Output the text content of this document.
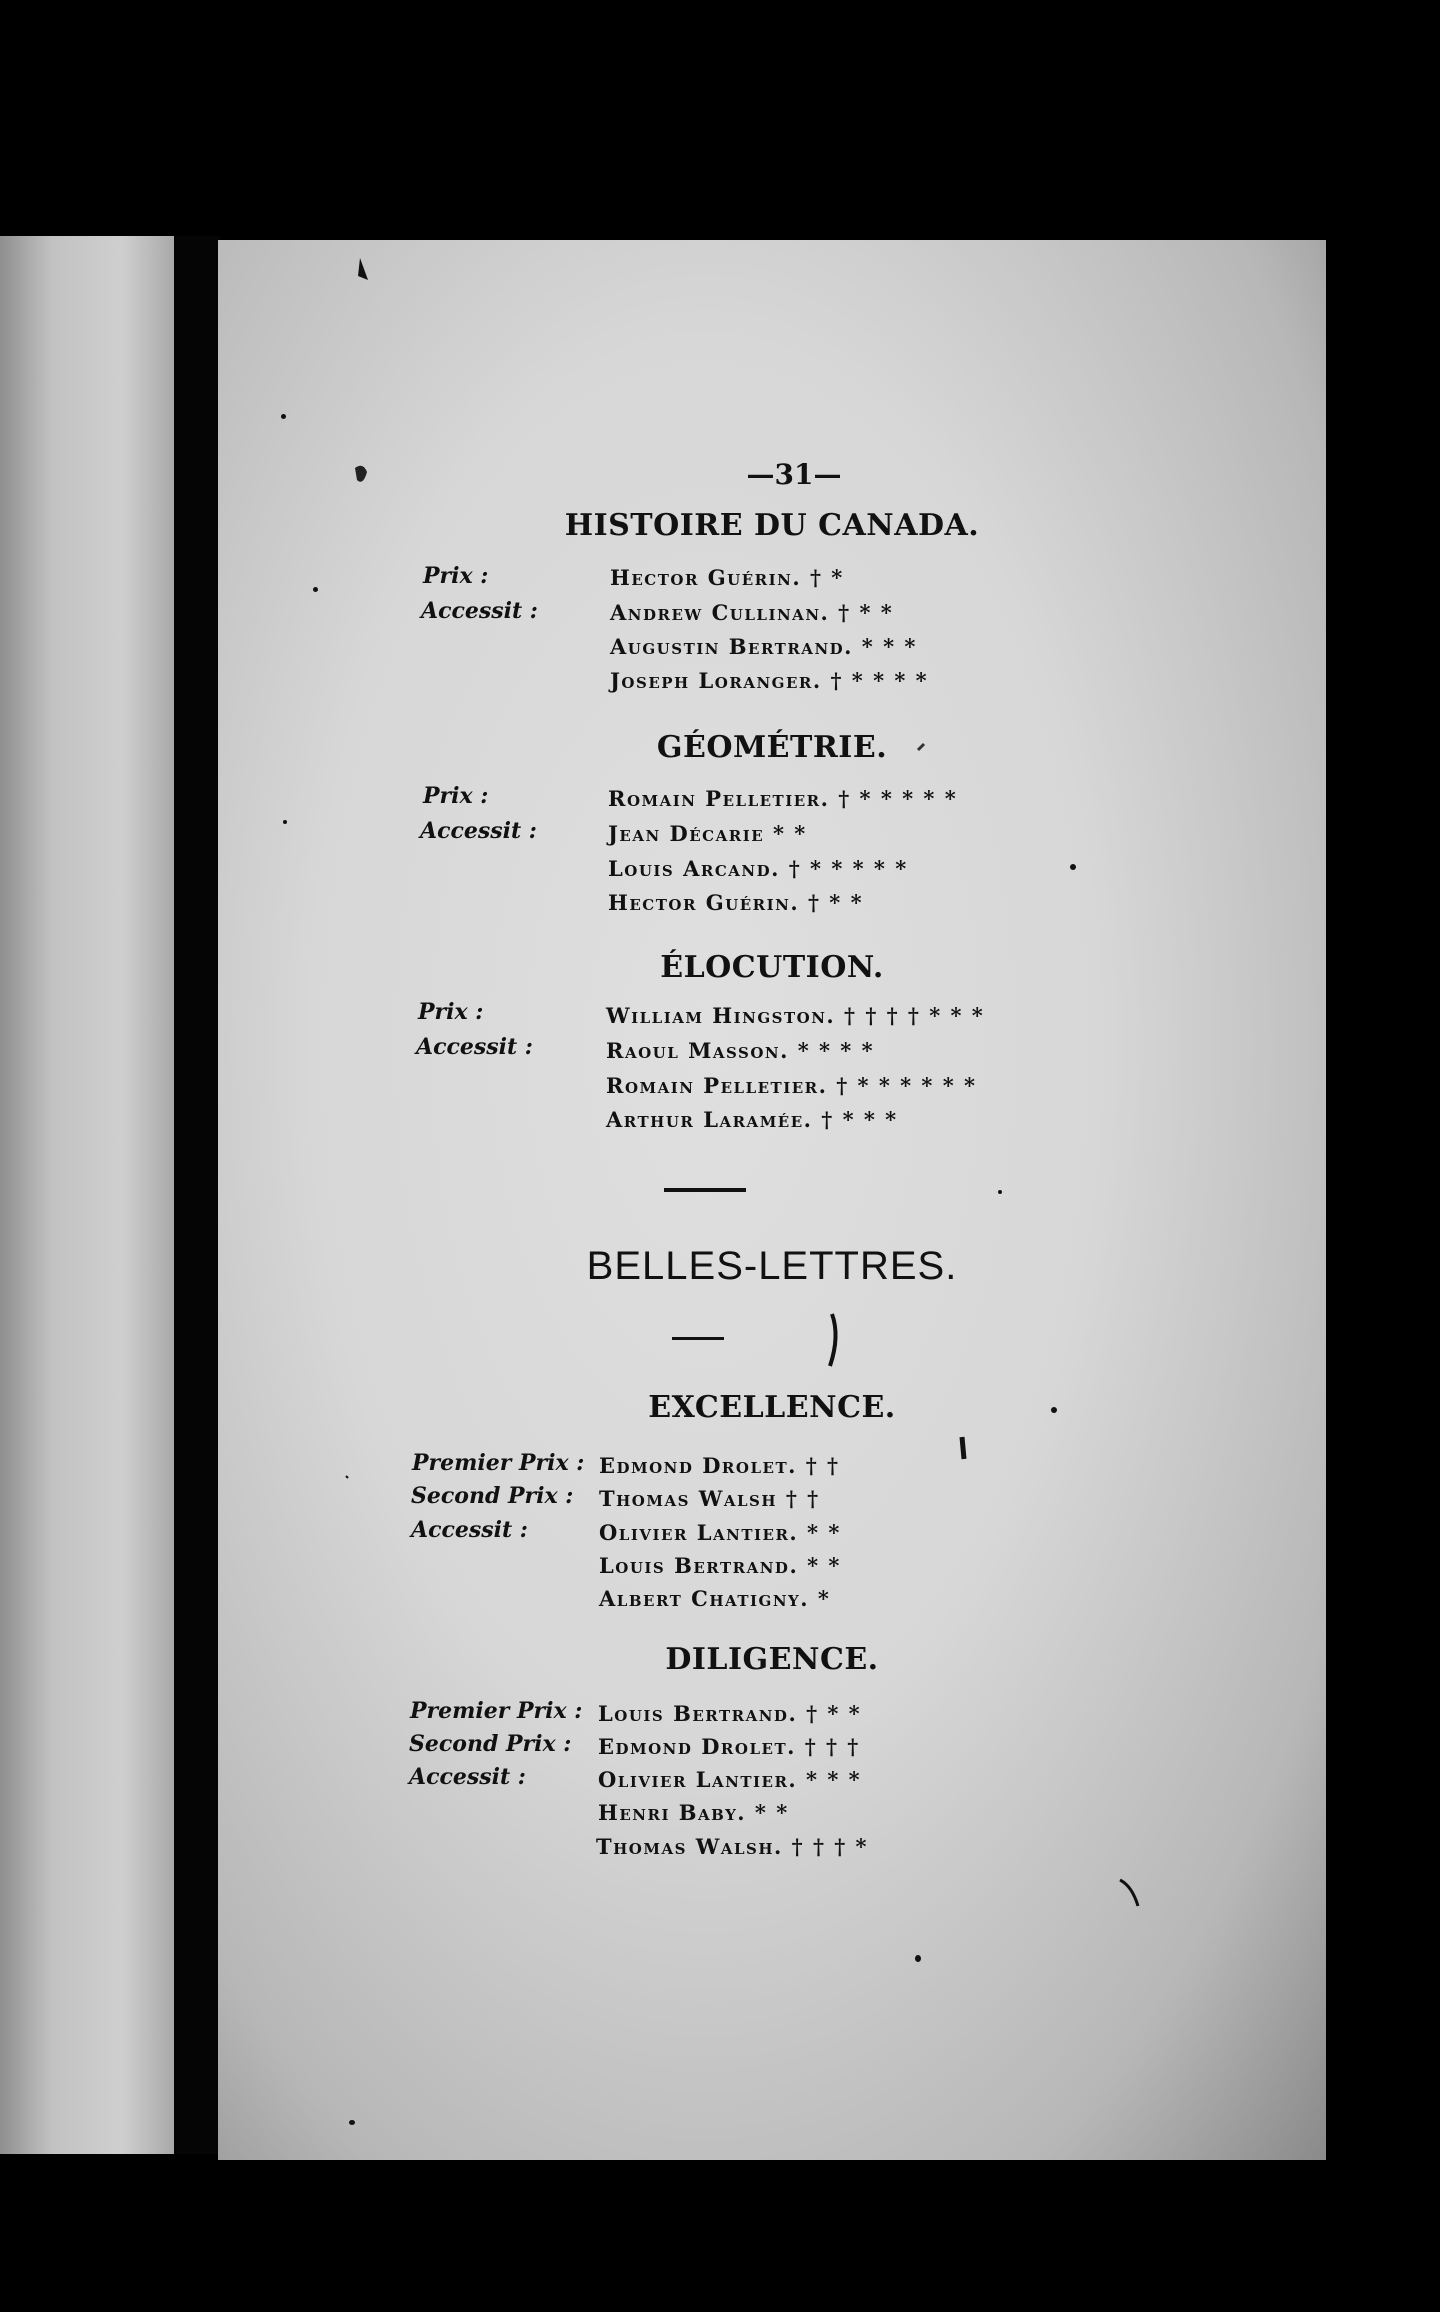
—31—
HISTOIRE DU CANADA.
Prix :	Hector Guérin. † *
Accessit :	Andrew Cullinan. † * *
Augustin Bertrand. * * *
Joseph Loranger. † * * * *
GÉOMÉTRIE.
Prix :	Romain Pelletier. † * * * * *
Accessit :	Jean Décarie * *
Louis Arcand. † * * * * *
Hector Guérin. † * *
ÉLOCUTION.
Prix :	William Hingston. † † † † * * *
Accessit :	Raoul Masson. * * * *
Romain Pelletier. † * * * * * *
Arthur Laramée. † * * *
BELLES-LETTRES.
EXCELLENCE.
Premier Prix : Edmond Drolet. † †
Second Prix : Thomas Walsh † †
Accessit :	Olivier Lantier. * *
Louis Bertrand. * *
Albert Chatigny. *
DILIGENCE.
Premier Prix : Louis Bertrand. † * *
Second Prix : Edmond Drolet. † † †
Accessit :	Olivier Lantier. * * *
Henri Baby. * *
Thomas Walsh. † † † *
